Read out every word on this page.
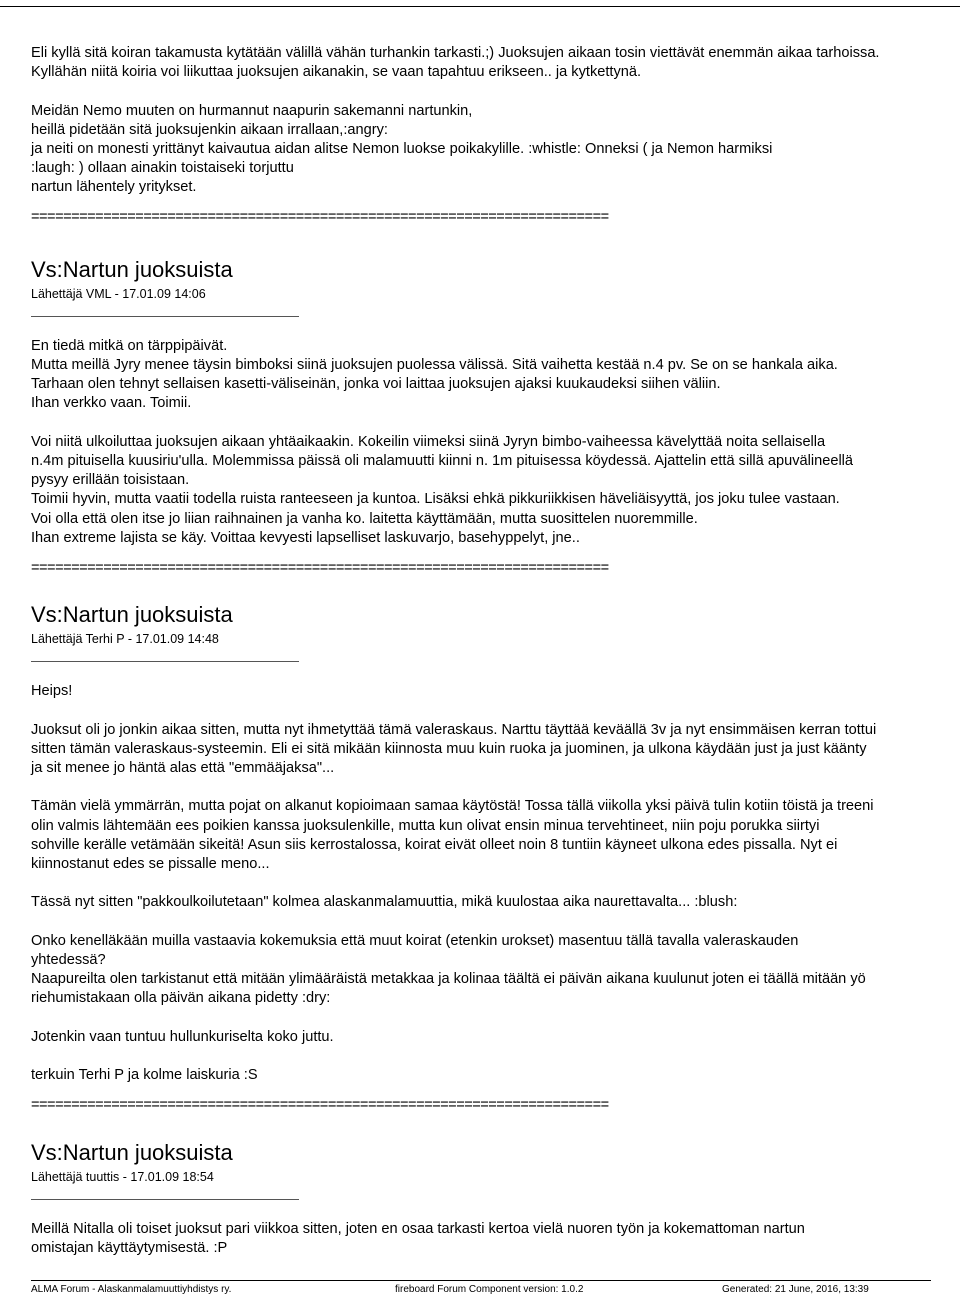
Eli kyllä sitä koiran takamusta kytätään välillä vähän turhankin tarkasti.;) Juoksujen aikaan tosin viettävät enemmän aikaa tarhoissa.

Kyllähän niitä koiria voi liikuttaa juoksujen aikanakin, se vaan tapahtuu erikseen.. ja kytkettynä.

Meidän Nemo muuten on hurmannut naapurin sakemanni nartunkin,

heillä pidetään sitä juoksujenkin aikaan irrallaan,:angry:

ja neiti on monesti yrittänyt kaivautua aidan alitse Nemon luokse poikakylille. :whistle: Onneksi ( ja Nemon harmiksi

:laugh: ) ollaan ainakin toistaiseki torjuttu

nartun lähentely yritykset.

========================================================================
Vs:Nartun juoksuista
Lähettäjä VML - 17.01.09 14:06

En tiedä mitkä on tärppipäivät.

Mutta meillä Jyry menee täysin bimboksi siinä juoksujen puolessa välissä. Sitä vaihetta kestää n.4 pv. Se on se hankala aika.

Tarhaan olen tehnyt sellaisen kasetti-väliseinän, jonka voi laittaa juoksujen ajaksi kuukaudeksi siihen väliin.

Ihan verkko vaan. Toimii.

Voi niitä ulkoiluttaa juoksujen aikaan yhtäaikaakin. Kokeilin viimeksi siinä Jyryn bimbo-vaiheessa kävelyttää noita sellaisella

n.4m pituisella kuusiriu'ulla. Molemmissa päissä oli malamuutti kiinni n. 1m pituisessa köydessä. Ajattelin että sillä apuvälineellä

pysyy erillään toisistaan.

Toimii hyvin, mutta vaatii todella ruista ranteeseen ja kuntoa. Lisäksi ehkä pikkuriikkisen häveliäisyyttä, jos joku tulee vastaan.

Voi olla että olen itse jo liian raihnainen ja vanha ko. laitetta käyttämään, mutta suosittelen nuoremmille.

Ihan extreme lajista se käy. Voittaa kevyesti lapselliset laskuvarjo, basehyppelyt, jne..

========================================================================
Vs:Nartun juoksuista
Lähettäjä Terhi P - 17.01.09 14:48

Heips!

Juoksut oli jo jonkin aikaa sitten, mutta nyt ihmetyttää tämä valeraskaus. Narttu täyttää keväällä 3v ja nyt ensimmäisen kerran tottui

sitten tämän valeraskaus-systeemin. Eli ei sitä mikään kiinnosta muu kuin ruoka ja juominen, ja ulkona käydään just ja just käänty

ja sit menee jo häntä alas että "emmääjaksa"...

Tämän vielä ymmärrän, mutta pojat on alkanut kopioimaan samaa käytöstä! Tossa tällä viikolla yksi päivä tulin kotiin töistä ja treeni

olin valmis lähtemään ees poikien kanssa juoksulenkille, mutta kun olivat ensin minua tervehtineet, niin poju porukka siirtyi

sohville kerälle vetämään sikeitä! Asun siis kerrostalossa, koirat eivät olleet noin 8 tuntiin käyneet ulkona edes pissalla. Nyt ei

kiinnostanut edes se pissalle meno...

Tässä nyt sitten "pakkoulkoilutetaan" kolmea alaskanmalamuuttia, mikä kuulostaa aika naurettavalta... :blush:

Onko kenelläkään muilla vastaavia kokemuksia että muut koirat (etenkin urokset) masentuu tällä tavalla valeraskauden

yhtedessä?

Naapureilta olen tarkistanut että mitään ylimääräistä metakkaa ja kolinaa täältä ei päivän aikana kuulunut joten ei täällä mitään yö

riehumistakaan olla päivän aikana pidetty :dry:

Jotenkin vaan tuntuu hullunkuriselta koko juttu.

terkuin Terhi P ja kolme laiskuria :S

========================================================================
Vs:Nartun juoksuista
Lähettäjä tuuttis - 17.01.09 18:54

Meillä Nitalla oli toiset juoksut pari viikkoa sitten, joten en osaa tarkasti kertoa vielä nuoren työn ja kokemattoman nartun

omistajan käyttäytymisestä. :P

ALMA Forum - Alaskanmalamuuttiyhdistys ry.	fireboard Forum Component version: 1.0.2	Generated: 21 June, 2016, 13:39
